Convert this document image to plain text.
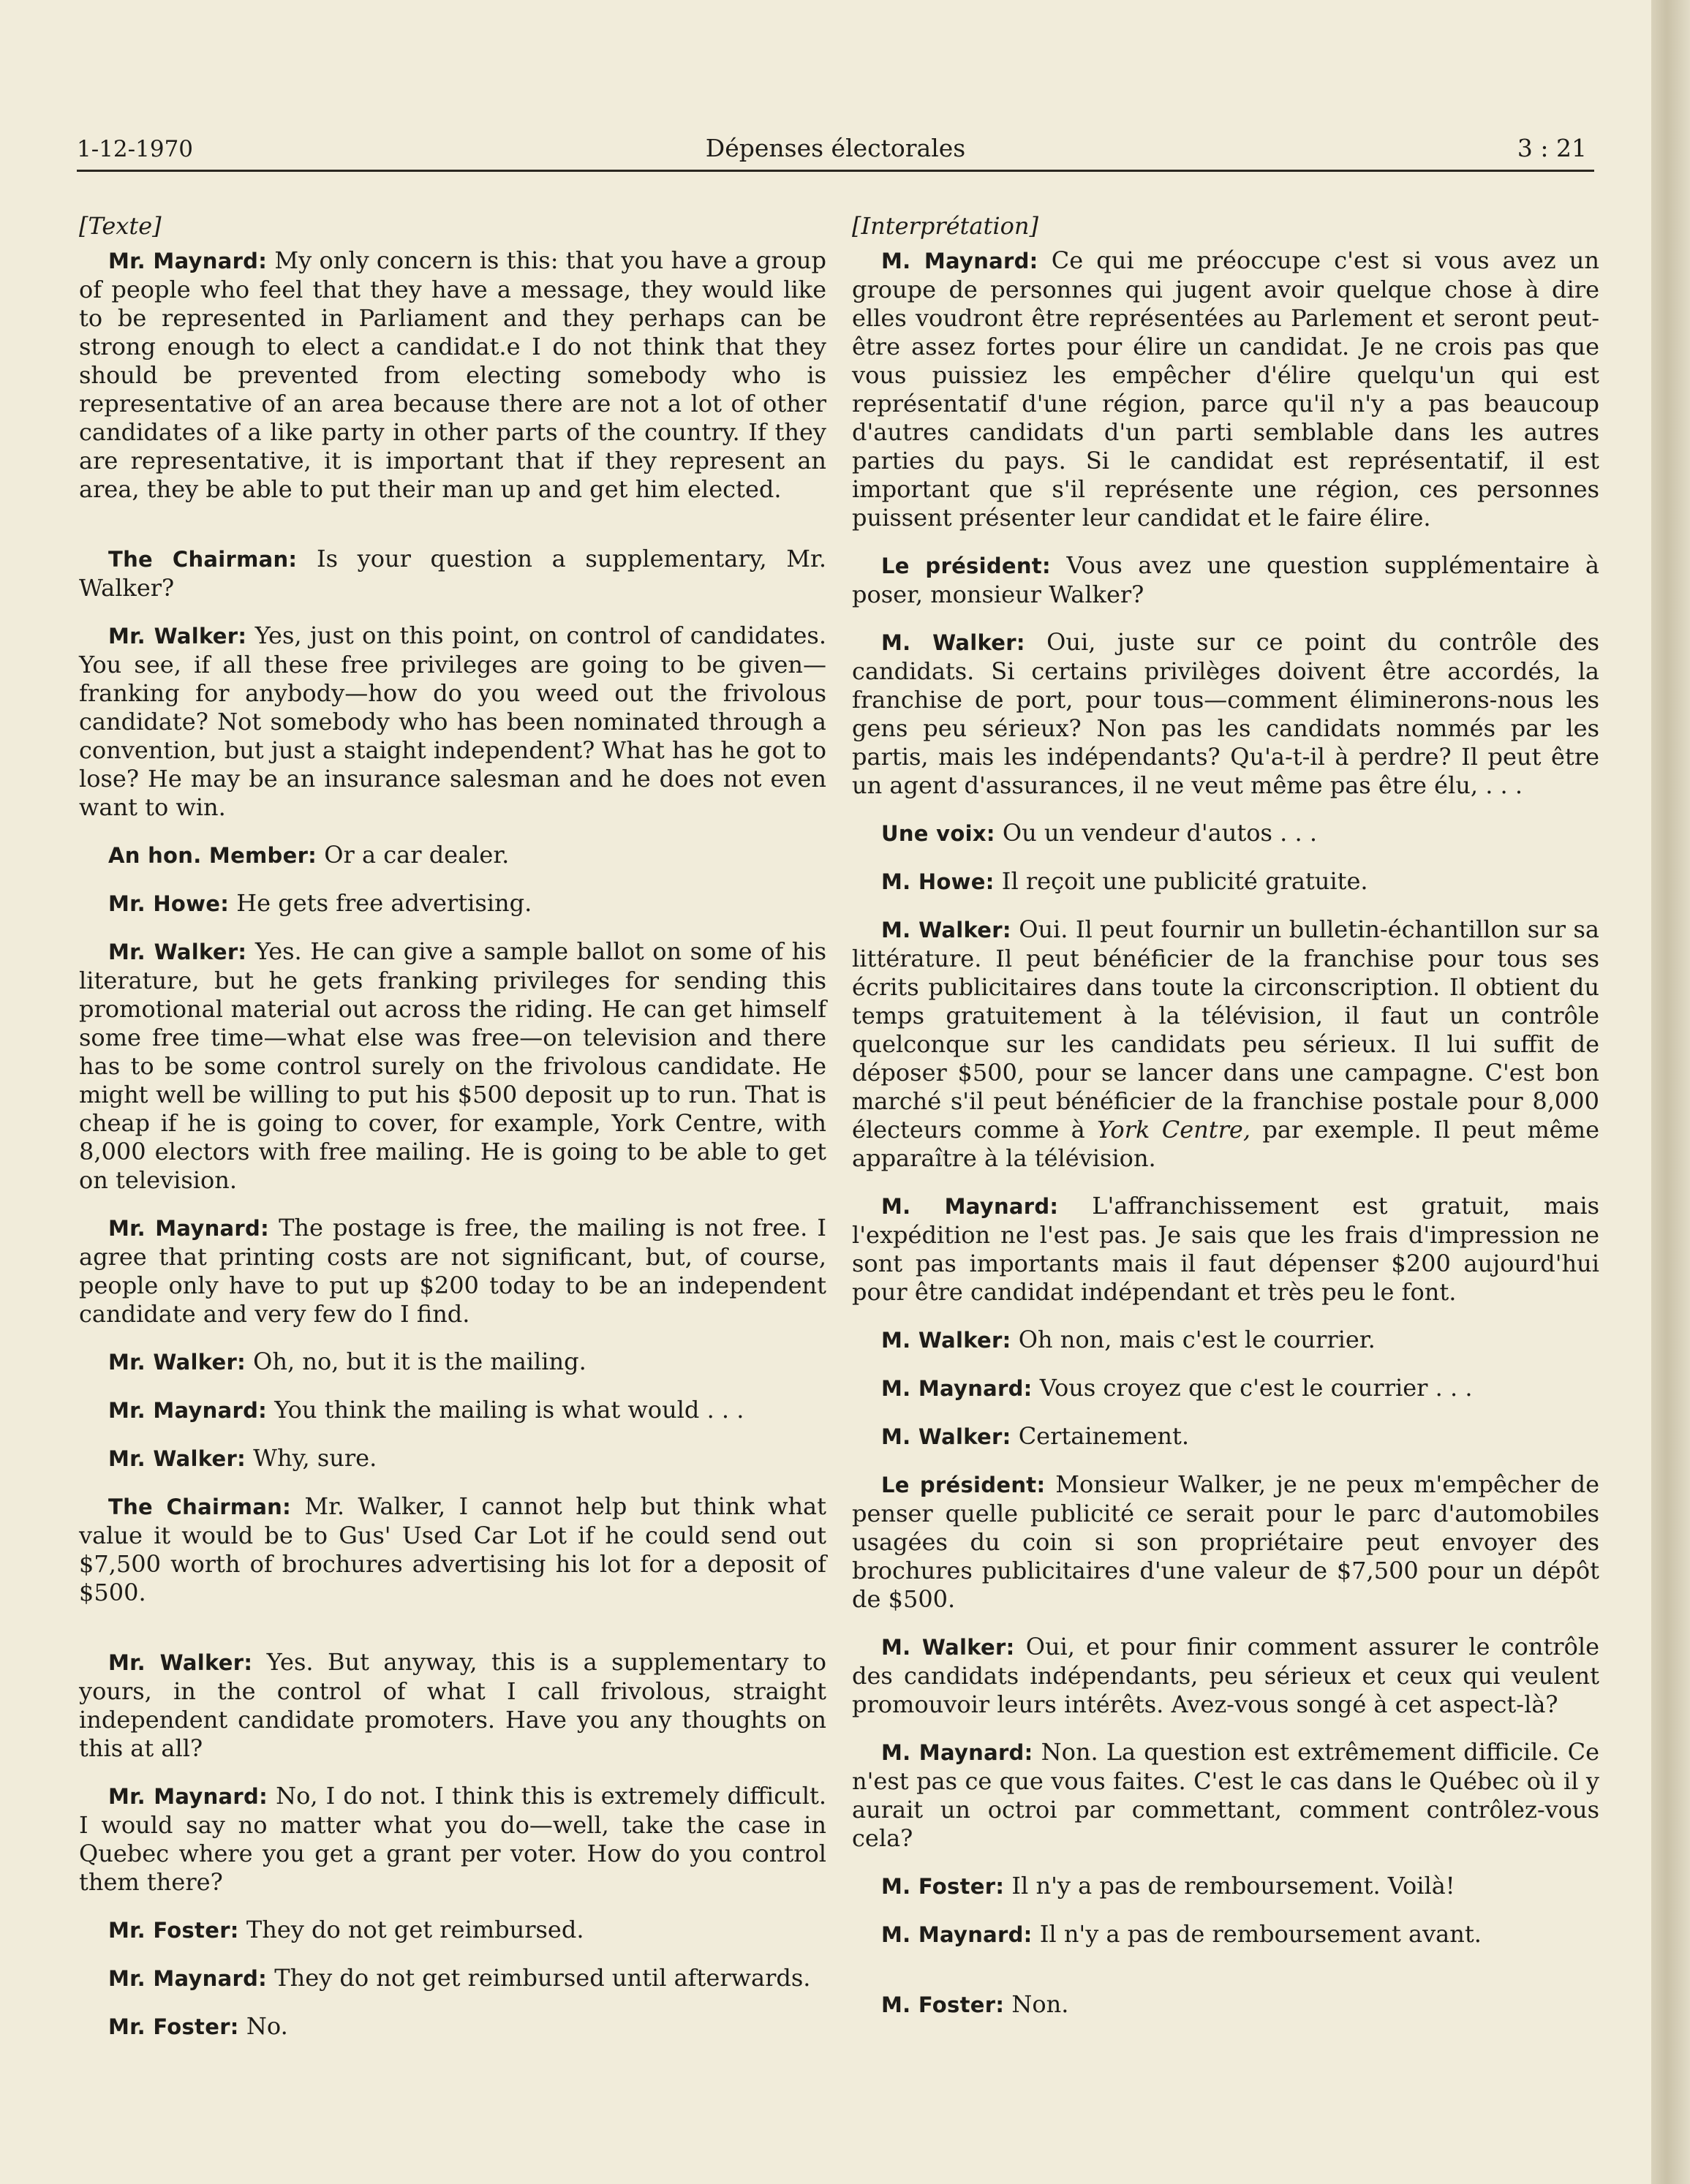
1-12-1970	Dépenses électorales	3 : 21
[Texte]

Mr. Maynard: My only concern is this: that you have a group of people who feel that they have a message, they would like to be represented in Parliament and they perhaps can be strong enough to elect a candidat.e I do not think that they should be prevented from electing somebody who is representative of an area because there are not a lot of other candidates of a like party in other parts of the country. If they are representative, it is important that if they represent an area, they be able to put their man up and get him elected.

The Chairman: Is your question a supplementary, Mr. Walker?

Mr. Walker: Yes, just on this point, on control of candidates. You see, if all these free privileges are going to be given—franking for anybody—how do you weed out the frivolous candidate? Not somebody who has been nominated through a convention, but just a staight independent? What has he got to lose? He may be an insurance salesman and he does not even want to win.

An hon. Member: Or a car dealer.

Mr. Howe: He gets free advertising.

Mr. Walker: Yes. He can give a sample ballot on some of his literature, but he gets franking privileges for sending this promotional material out across the riding. He can get himself some free time—what else was free—on television and there has to be some control surely on the frivolous candidate. He might well be willing to put his $500 deposit up to run. That is cheap if he is going to cover, for example, York Centre, with 8,000 electors with free mailing. He is going to be able to get on television.

Mr. Maynard: The postage is free, the mailing is not free. I agree that printing costs are not significant, but, of course, people only have to put up $200 today to be an independent candidate and very few do I find.

Mr. Walker: Oh, no, but it is the mailing.

Mr. Maynard: You think the mailing is what would . . .

Mr. Walker: Why, sure.

The Chairman: Mr. Walker, I cannot help but think what value it would be to Gus' Used Car Lot if he could send out $7,500 worth of brochures advertising his lot for a deposit of $500.

Mr. Walker: Yes. But anyway, this is a supplementary to yours, in the control of what I call frivolous, straight independent candidate promoters. Have you any thoughts on this at all?

Mr. Maynard: No, I do not. I think this is extremely difficult. I would say no matter what you do—well, take the case in Quebec where you get a grant per voter. How do you control them there?

Mr. Foster: They do not get reimbursed.

Mr. Maynard: They do not get reimbursed until afterwards.

Mr. Foster: No.

[Interprétation]

M. Maynard: Ce qui me préoccupe c'est si vous avez un groupe de personnes qui jugent avoir quelque chose à dire elles voudront être représentées au Parlement et seront peut-être assez fortes pour élire un candidat. Je ne crois pas que vous puissiez les empêcher d'élire quelqu'un qui est représentatif d'une région, parce qu'il n'y a pas beaucoup d'autres candidats d'un parti semblable dans les autres parties du pays. Si le candidat est représentatif, il est important que s'il représente une région, ces personnes puissent présenter leur candidat et le faire élire.

Le président: Vous avez une question supplémentaire à poser, monsieur Walker?

M. Walker: Oui, juste sur ce point du contrôle des candidats. Si certains privilèges doivent être accordés, la franchise de port, pour tous—comment éliminerons-nous les gens peu sérieux? Non pas les candidats nommés par les partis, mais les indépendants? Qu'a-t-il à perdre? Il peut être un agent d'assurances, il ne veut même pas être élu, . . .

Une voix: Ou un vendeur d'autos . . .

M. Howe: Il reçoit une publicité gratuite.

M. Walker: Oui. Il peut fournir un bulletin-échantillon sur sa littérature. Il peut bénéficier de la franchise pour tous ses écrits publicitaires dans toute la circonscription. Il obtient du temps gratuitement à la télévision, il faut un contrôle quelconque sur les candidats peu sérieux. Il lui suffit de déposer $500, pour se lancer dans une campagne. C'est bon marché s'il peut bénéficier de la franchise postale pour 8,000 électeurs comme à York Centre, par exemple. Il peut même apparaître à la télévision.

M. Maynard: L'affranchissement est gratuit, mais l'expédition ne l'est pas. Je sais que les frais d'impression ne sont pas importants mais il faut dépenser $200 aujourd'hui pour être candidat indépendant et très peu le font.

M. Walker: Oh non, mais c'est le courrier.

M. Maynard: Vous croyez que c'est le courrier . . .

M. Walker: Certainement.

Le président: Monsieur Walker, je ne peux m'empêcher de penser quelle publicité ce serait pour le parc d'automobiles usagées du coin si son propriétaire peut envoyer des brochures publicitaires d'une valeur de $7,500 pour un dépôt de $500.

M. Walker: Oui, et pour finir comment assurer le contrôle des candidats indépendants, peu sérieux et ceux qui veulent promouvoir leurs intérêts. Avez-vous songé à cet aspect-là?

M. Maynard: Non. La question est extrêmement difficile. Ce n'est pas ce que vous faites. C'est le cas dans le Québec où il y aurait un octroi par commettant, comment contrôlez-vous cela?

M. Foster: Il n'y a pas de remboursement. Voilà!

M. Maynard: Il n'y a pas de remboursement avant.

M. Foster: Non.
